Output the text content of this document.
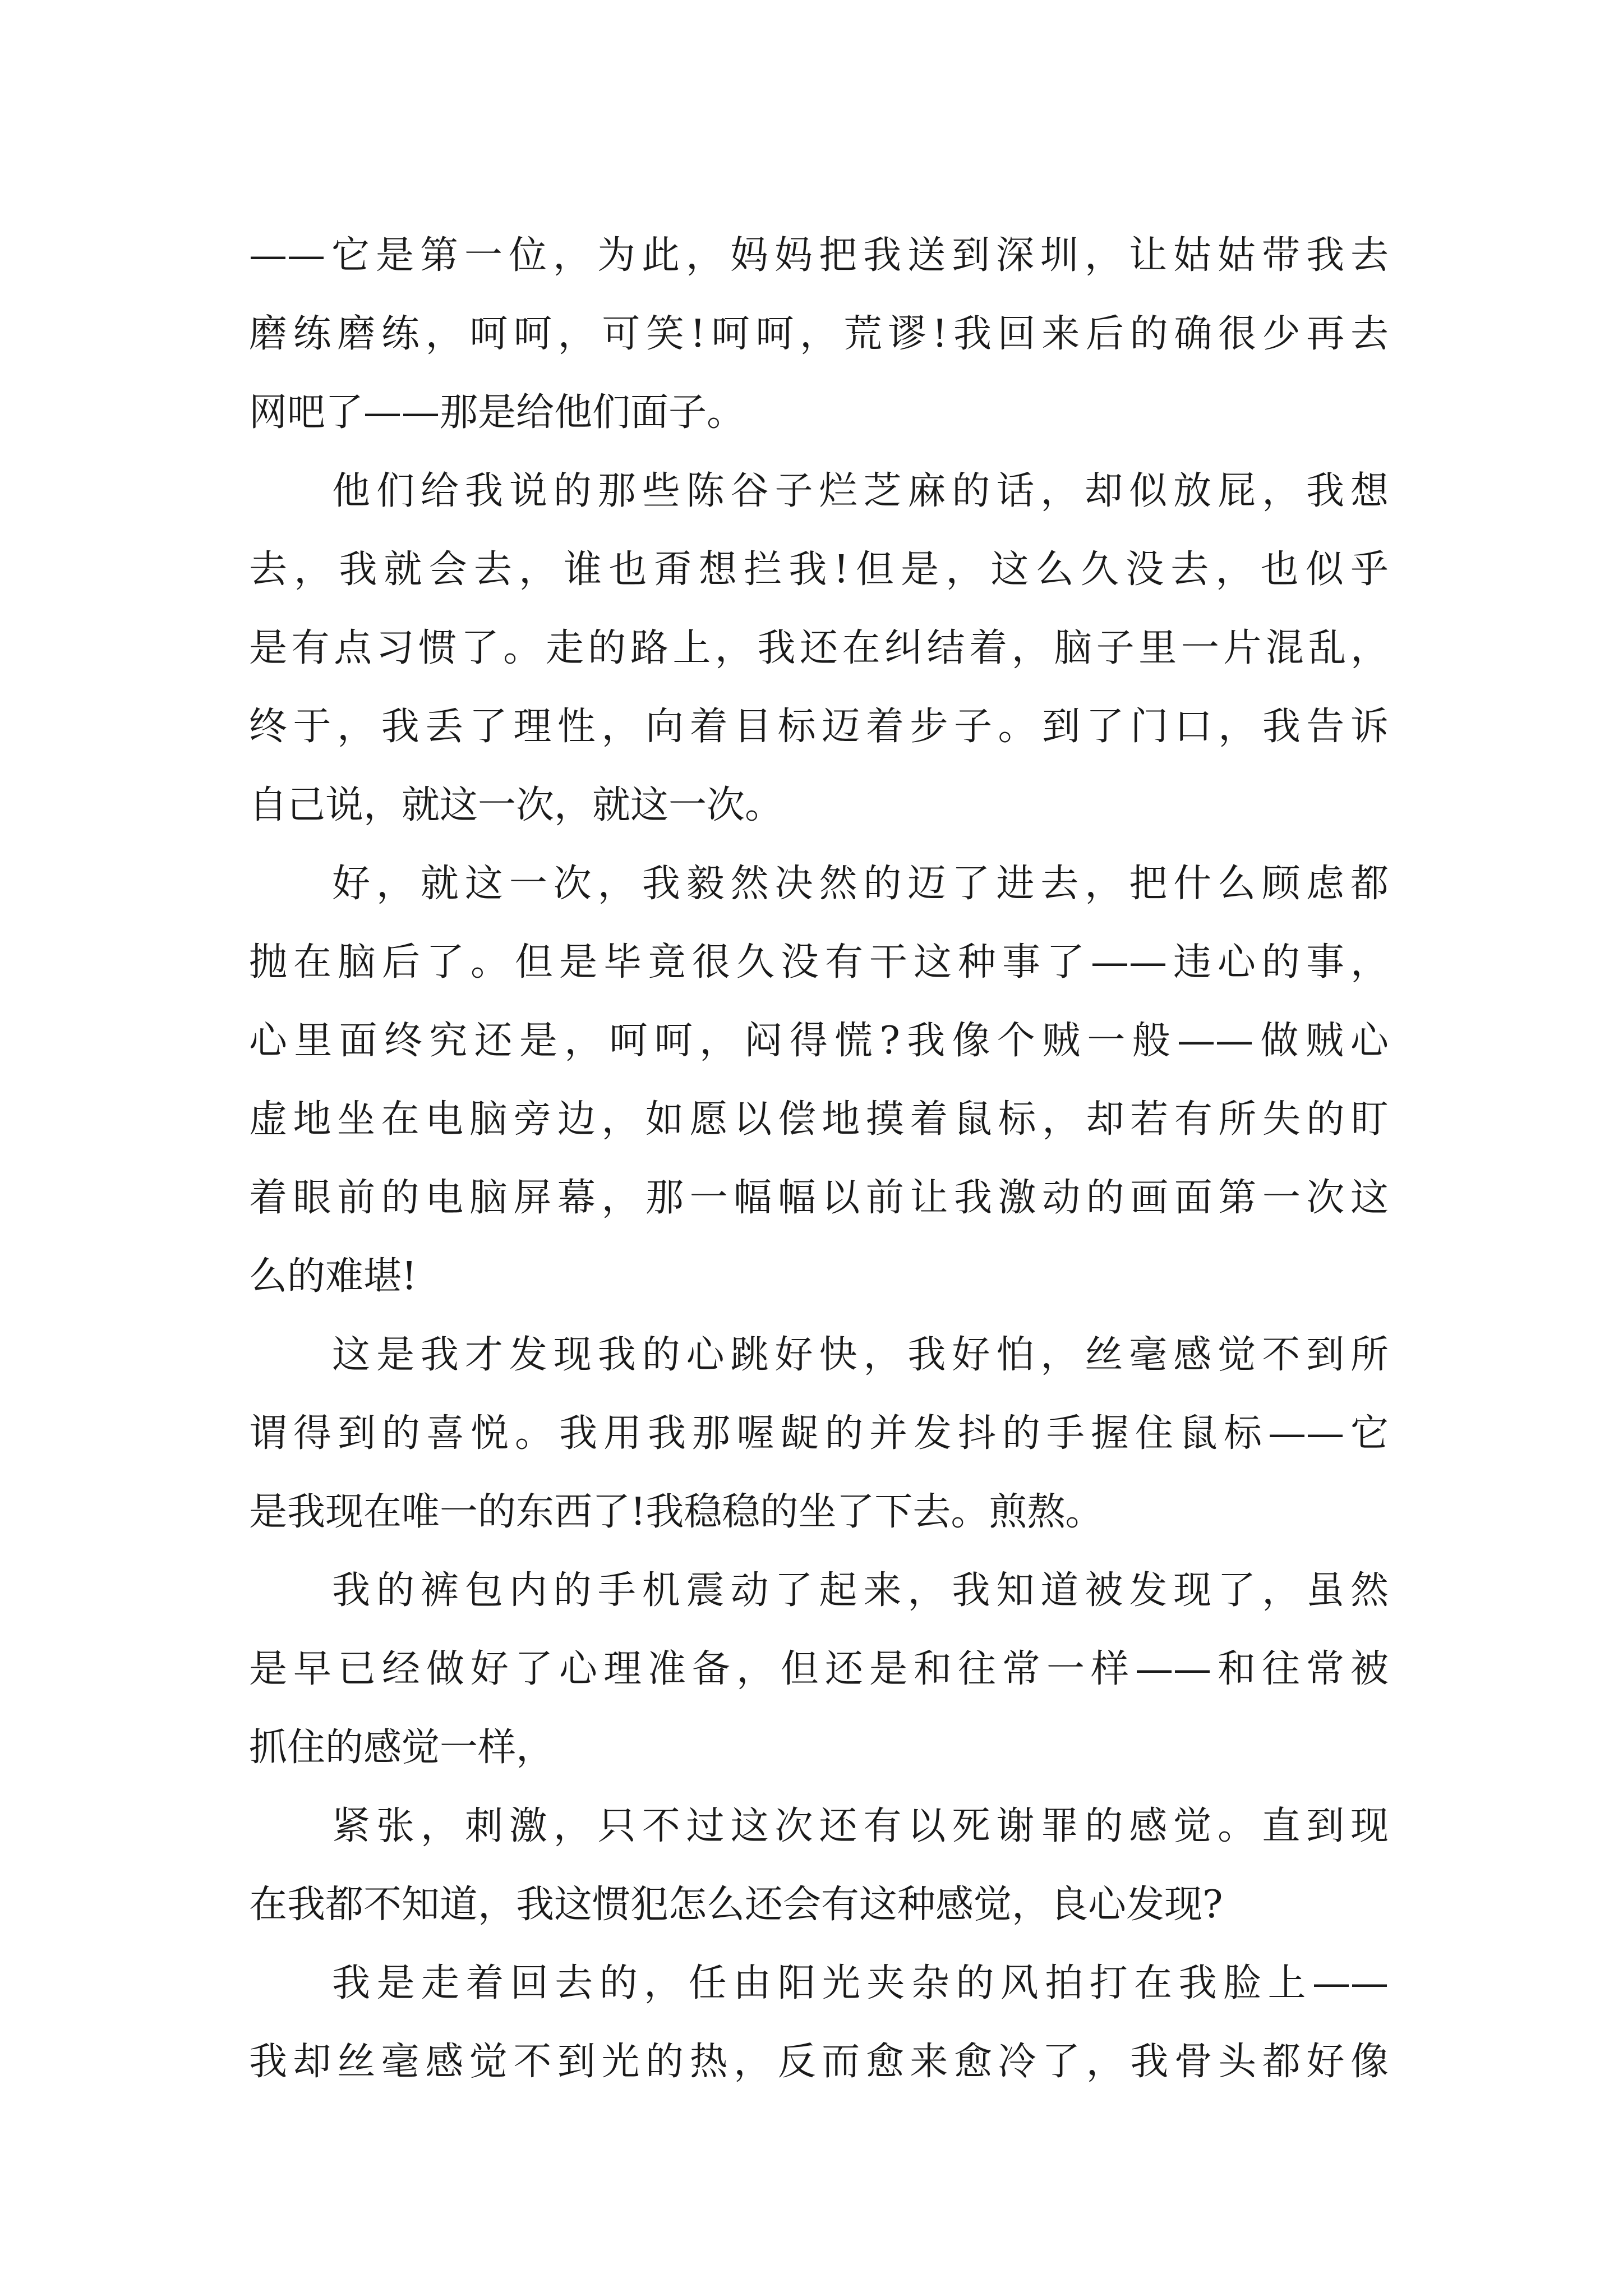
——它是第一位，为此，妈妈把我送到深圳，让姑姑带我去
磨练磨练，呵呵，可笑!呵呵，荒谬!我回来后的确很少再去
网吧了——那是给他们面子。
他们给我说的那些陈谷子烂芝麻的话，却似放屁，我想
去，我就会去，谁也甭想拦我!但是，这么久没去，也似乎
是有点习惯了。走的路上，我还在纠结着，脑子里一片混乱，
终于，我丢了理性，向着目标迈着步子。到了门口，我告诉
自己说，就这一次，就这一次。
好，就这一次，我毅然决然的迈了进去，把什么顾虑都
抛在脑后了。但是毕竟很久没有干这种事了——违心的事，
心里面终究还是，呵呵，闷得慌?我像个贼一般——做贼心
虚地坐在电脑旁边，如愿以偿地摸着鼠标，却若有所失的盯
着眼前的电脑屏幕，那一幅幅以前让我激动的画面第一次这
么的难堪!
这是我才发现我的心跳好快，我好怕，丝毫感觉不到所
谓得到的喜悦。我用我那喔龊的并发抖的手握住鼠标——它
是我现在唯一的东西了!我稳稳的坐了下去。煎熬。
我的裤包内的手机震动了起来，我知道被发现了，虽然
是早已经做好了心理准备，但还是和往常一样——和往常被
抓住的感觉一样，
紧张，刺激，只不过这次还有以死谢罪的感觉。直到现
在我都不知道，我这惯犯怎么还会有这种感觉，良心发现?
我是走着回去的，任由阳光夹杂的风拍打在我脸上——
我却丝毫感觉不到光的热，反而愈来愈冷了，我骨头都好像
